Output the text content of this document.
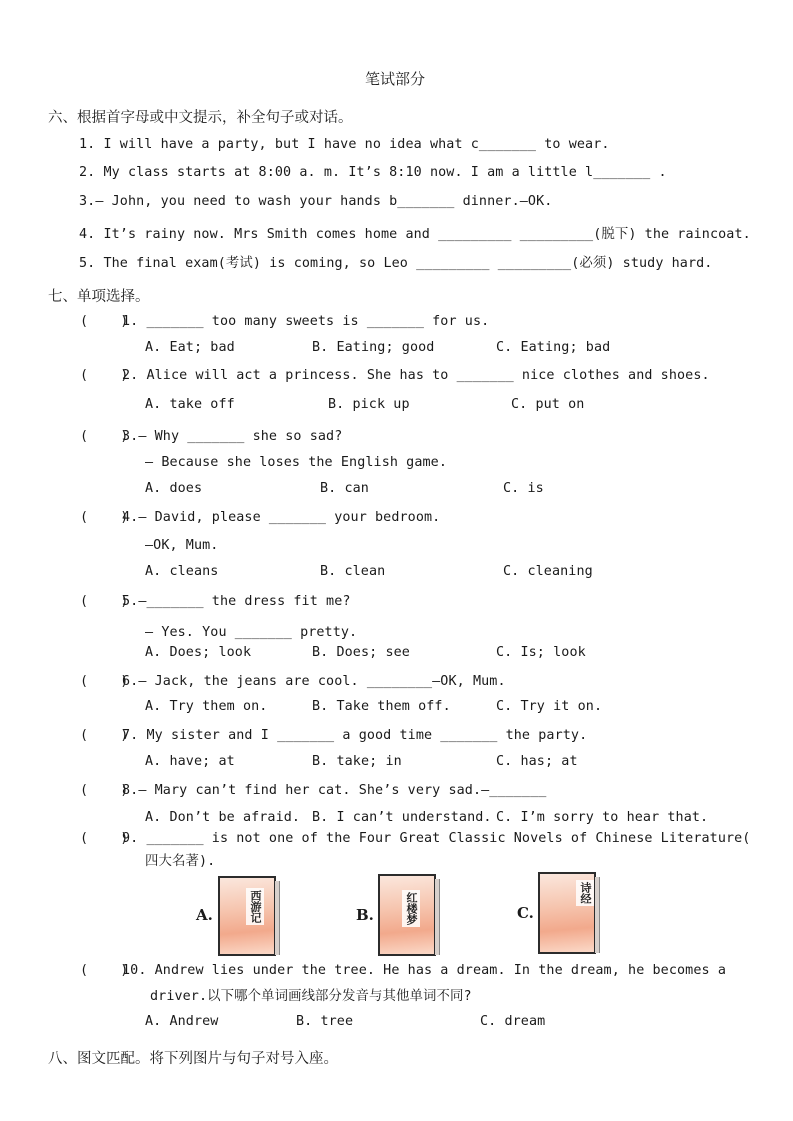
笔试部分
六、根据首字母或中文提示，补全句子或对话。
1. I will have a party, but I have no idea what c_______ to wear.
2. My class starts at 8:00 a. m. It’s 8:10 now. I am a little l_______ .
3.— John, you need to wash your hands b_______ dinner.—OK.
4. It’s rainy now. Mrs Smith comes home and _________ _________(脱下) the raincoat.
5. The final exam(考试) is coming, so Leo _________ _________(必须) study hard.
七、单项选择。
(    )
1. _______ too many sweets is _______ for us.
A. Eat; bad	B. Eating; good	C. Eating; bad
(    )
2. Alice will act a princess. She has to _______ nice clothes and shoes.
A. take off	B. pick up	C. put on
(    )
3.— Why _______ she so sad?
— Because she loses the English game.
A. does	B. can	C. is
(    )
4.— David, please _______ your bedroom.
—OK, Mum.
A. cleans	B. clean	C. cleaning
(    )
5.—_______ the dress fit me?
— Yes. You _______ pretty.
A. Does; look	B. Does; see	C. Is; look
(    )
6.— Jack, the jeans are cool. ________—OK, Mum.
A. Try them on.	B. Take them off.	C. Try it on.
(    )
7. My sister and I _______ a good time _______ the party.
A. have; at	B. take; in	C. has; at
(    )
8.— Mary can’t find her cat. She’s very sad.—_______
A. Don’t be afraid. B. I can’t understand. C. I’m sorry to hear that.
(    )
9. _______ is not one of the Four Great Classic Novels of Chinese Literature(
四大名著).
A.	西游记	B.	红楼梦	C.
诗经
(    )
10. Andrew lies under the tree. He has a dream. In the dream, he becomes a
driver.以下哪个单词画线部分发音与其他单词不同?
A. Andrew	B. tree	C. dream
八、图文匹配。将下列图片与句子对号入座。
